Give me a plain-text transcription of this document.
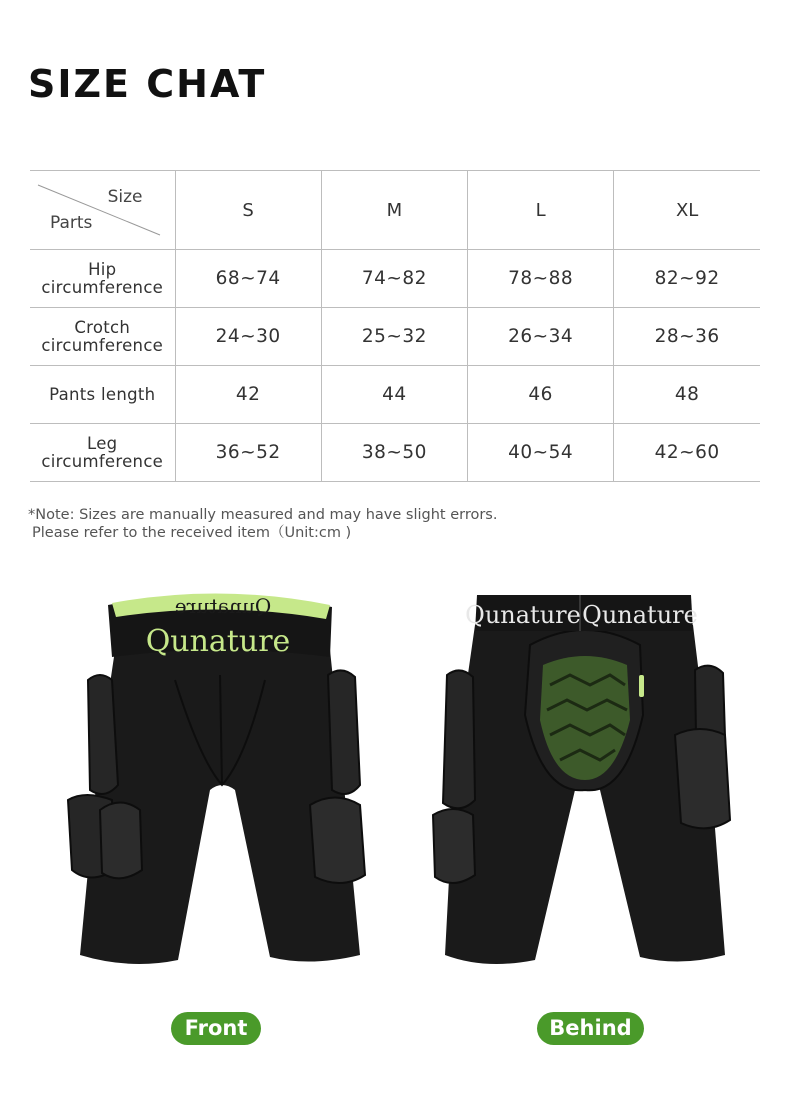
SIZE CHAT
Size
Parts	S	M	L	XL

Hip
circumference	68~74	74~82	78~88	82~92

Crotch
circumference	24~30	25~32	26~34	28~36

Pants length	42	44	46	48

Leg
circumference	36~52	38~50	40~54	42~60
*Note: Sizes are manually measured and may have slight errors.
Please refer to the received item（Unit:cm )
Qunature
Qunature
Qunature Qunature
Front	Behind
